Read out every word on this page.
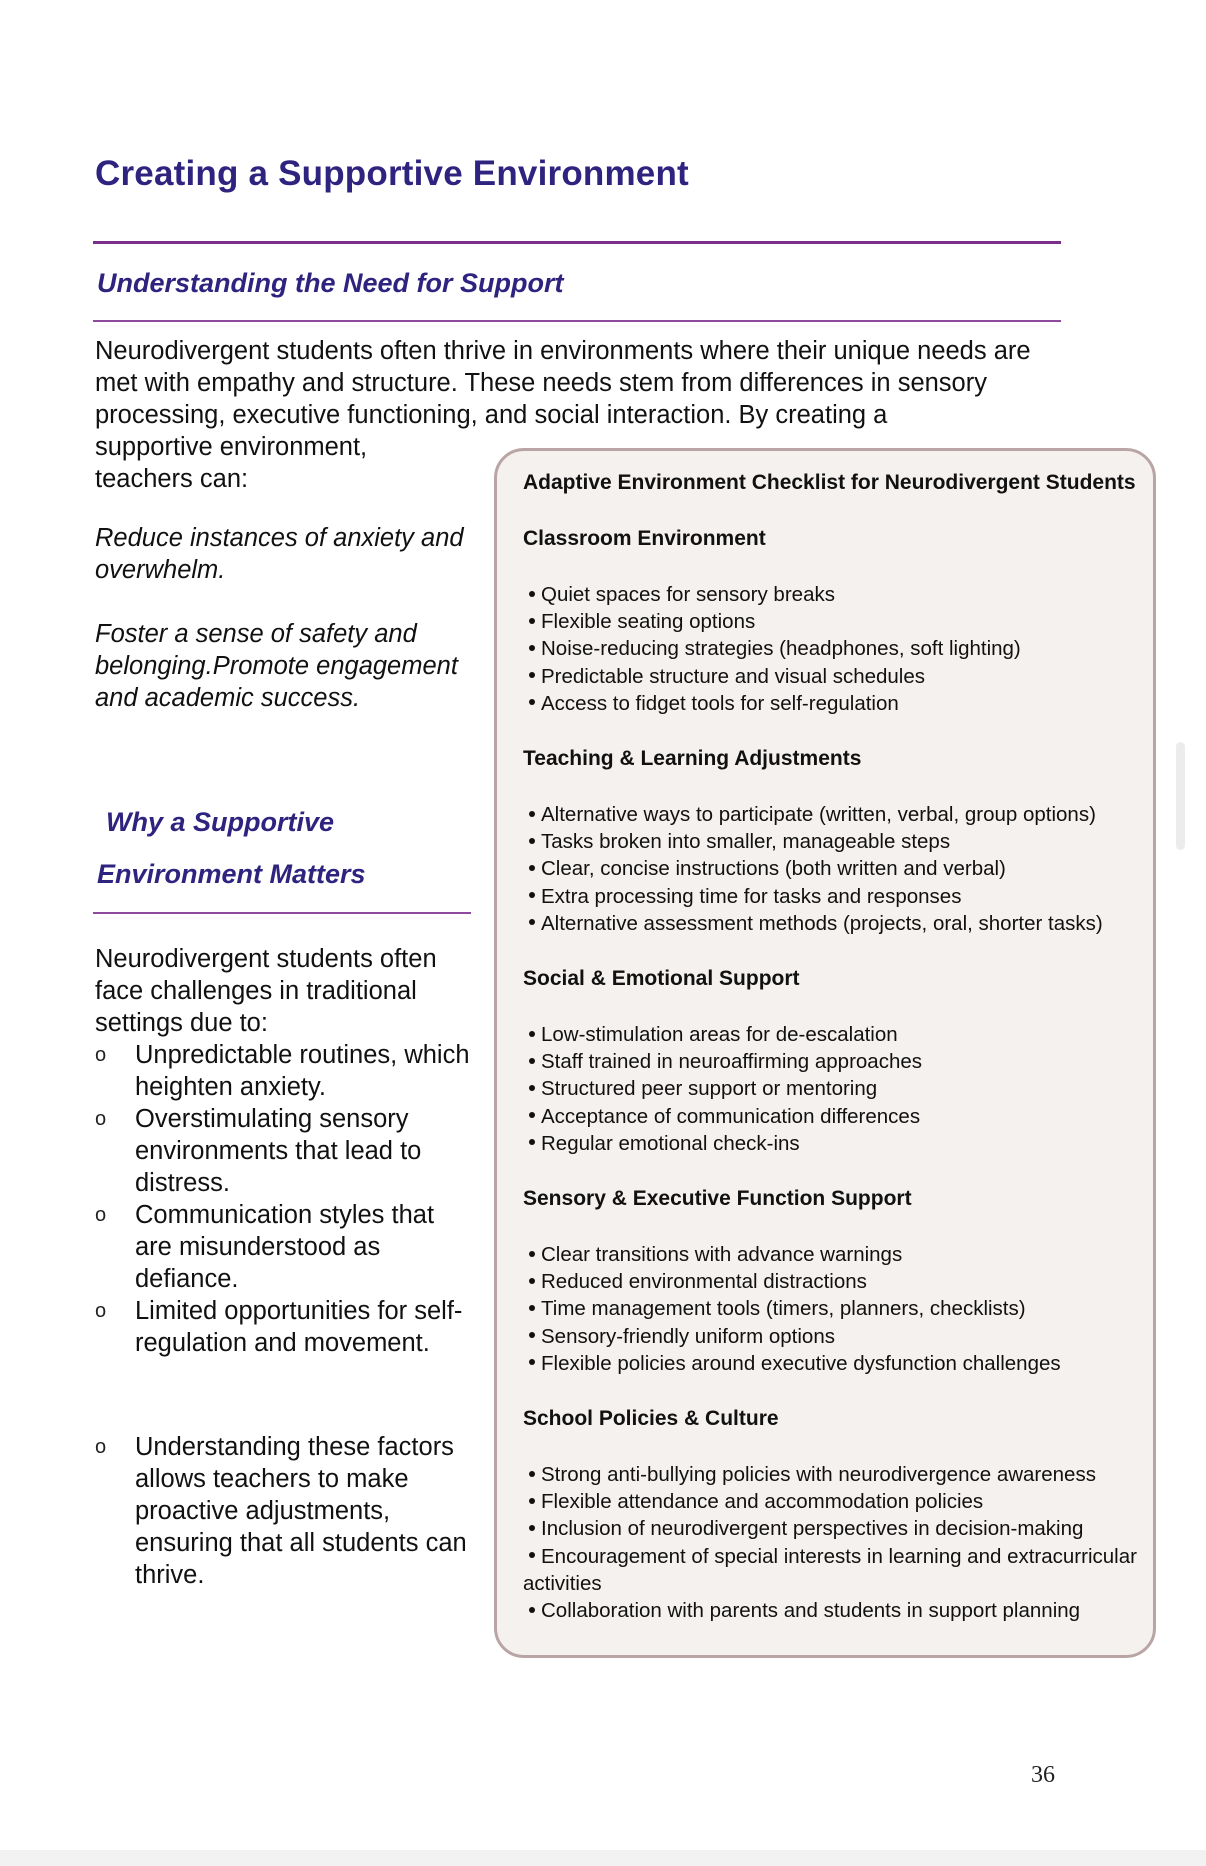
Creating a Supportive Environment
Understanding the Need for Support

Neurodivergent students often thrive in environments where their unique needs are met with empathy and structure. These needs stem from differences in sensory processing, executive functioning, and social interaction. By creating a

supportive environment,

teachers can:

Reduce instances of anxiety and overwhelm.

Foster a sense of safety and belonging.Promote engagement and academic success.

Why a Supportive
Environment Matters

Neurodivergent students often face challenges in traditional settings due to:

o Unpredictable routines, which heighten anxiety.
o Overstimulating sensory environments that lead to distress.
o Communication styles that are misunderstood as defiance.
o Limited opportunities for self-regulation and movement.
o Understanding these factors allows teachers to make proactive adjustments, ensuring that all students can thrive.

Adaptive Environment Checklist for Neurodivergent Students

Classroom Environment

Quiet spaces for sensory breaks
Flexible seating options
Noise-reducing strategies (headphones, soft lighting)
Predictable structure and visual schedules
Access to fidget tools for self-regulation

Teaching & Learning Adjustments

Alternative ways to participate (written, verbal, group options)
Tasks broken into smaller, manageable steps
Clear, concise instructions (both written and verbal)
Extra processing time for tasks and responses
Alternative assessment methods (projects, oral, shorter tasks)

Social & Emotional Support

Low-stimulation areas for de-escalation
Staff trained in neuroaffirming approaches
Structured peer support or mentoring
Acceptance of communication differences
Regular emotional check-ins

Sensory & Executive Function Support

Clear transitions with advance warnings
Reduced environmental distractions
Time management tools (timers, planners, checklists)
Sensory-friendly uniform options
Flexible policies around executive dysfunction challenges

School Policies & Culture

Strong anti-bullying policies with neurodivergence awareness
Flexible attendance and accommodation policies
Inclusion of neurodivergent perspectives in decision-making
Encouragement of special interests in learning and extracurricular activities
Collaboration with parents and students in support planning
36
